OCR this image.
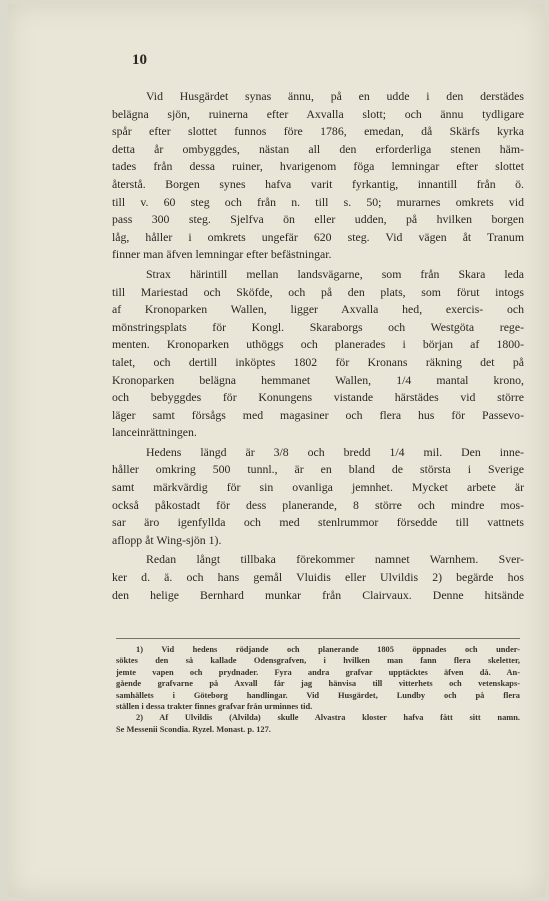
10
Vid Husgärdet synas ännu, på en udde i den derstädes
belägna sjön, ruinerna efter Axvalla slott; och ännu tydligare
spår efter slottet funnos före 1786, emedan, då Skärfs kyrka
detta år ombyggdes, nästan all den erforderliga stenen häm-
tades från dessa ruiner, hvarigenom föga lemningar efter slottet
återstå. Borgen synes hafva varit fyrkantig, innantill från ö.
till v. 60 steg och från n. till s. 50; murarnes omkrets vid
pass 300 steg. Sjelfva ön eller udden, på hvilken borgen
låg, håller i omkrets ungefär 620 steg. Vid vägen åt Tranum
finner man äfven lemningar efter befästningar.
Strax härintill mellan landsvägarne, som från Skara leda
till Mariestad och Sköfde, och på den plats, som förut intogs
af Kronoparken Wallen, ligger Axvalla hed, exercis- och
mönstringsplats för Kongl. Skaraborgs och Westgöta rege-
menten. Kronoparken uthöggs och planerades i början af 1800-
talet, och dertill inköptes 1802 för Kronans räkning det på
Kronoparken belägna hemmanet Wallen, 1/4 mantal krono,
och bebyggdes för Konungens vistande härstädes vid större
läger samt försågs med magasiner och flera hus för Passevo-
lanceinrättningen.
Hedens längd är 3/8 och bredd 1/4 mil. Den inne-
håller omkring 500 tunnl., är en bland de största i Sverige
samt märkvärdig för sin ovanliga jemnhet. Mycket arbete är
också påkostadt för dess planerande, 8 större och mindre mos-
sar äro igenfyllda och med stenlrummor försedde till vattnets
aflopp åt Wing-sjön 1).
Redan långt tillbaka förekommer namnet Warnhem. Sver-
ker d. ä. och hans gemål Vluidis eller Ulvildis 2) begärde hos
den helige Bernhard munkar från Clairvaux. Denne hitsände
1) Vid hedens rödjande och planerande 1805 öppnades och under-
söktes den så kallade Odensgrafven, i hvilken man fann flera skeletter,
jemte vapen och prydnader. Fyra andra grafvar upptäcktes äfven då. An-
gående grafvarne på Axvall får jag hänvisa till vitterhets och vetenskaps-
samhällets i Göteborg handlingar. Vid Husgärdet, Lundby och på flera
ställen i dessa trakter finnes grafvar från urminnes tid.
2) Af Ulvildis (Alvilda) skulle Alvastra kloster hafva fått sitt namn.
Se Messenii Scondia. Ryzel. Monast. p. 127.
